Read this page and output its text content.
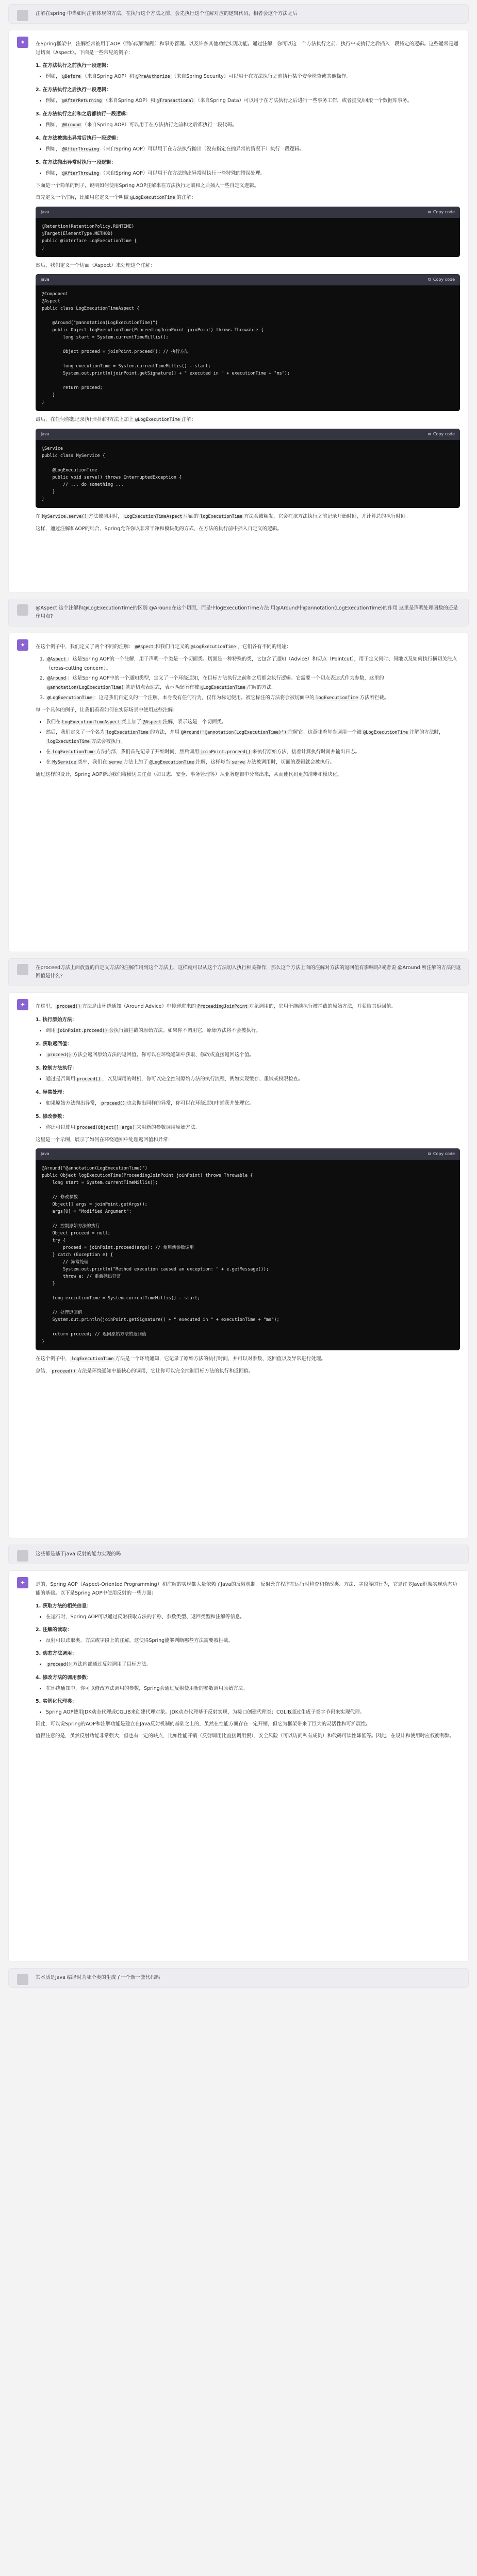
注解在spring 中当如何注解体现的方法、在执行这个方法之前、会先执行这个注解对应的逻辑代码，相者会这个方法之后
✦	在Spring框架中，注解经常被用于AOP（面向切面编程）和事务管理。以及许多其他功能实现功能。通过注解，你可以这一个方法执行之前、执行中或执行之后插入一段特定的逻辑。这些通常是通过切面（Aspect）。下面是一些常见的例子：

1. 在方法执行之前执行一段逻辑：
• 例如， @Before （来自Spring AOP）和 @PreAuthorize （来自Spring Security）可以用于在方法执行之前执行某个安全检查或其他操作。
2. 在方法执行之后执行一段逻辑：
• 例如， @AfterReturning （来自Spring AOP）和 @Transactional （来自Spring Data）可以用于在方法执行之后进行一些事务工作，或者提交/回滚一个数据库事务。
3. 在方法执行之前和之后都执行一段逻辑：
• 例如， @Around （来自Spring AOP）可以用于在方法执行之前和之后都执行一段代码。
4. 在方法被抛出异常后执行一段逻辑：
• 例如， @AfterThrowing （来自Spring AOP）可以用于在方法执行抛出（没有指定在抛异常的情况下）执行一段逻辑。
5. 在方法抛出异常时执行一段逻辑：
• 例如， @AfterThrowing （来自Spring AOP）可以用于在方法抛出异常时执行一些特殊的错误处理。

下面是一个简单的例子，说明如何使用Spring AOP注解来在方法执行之前和之后插入一些自定义逻辑。

首先定义一个注解，比如用它定义一个叫做 @LogExecutionTime 的注解：

java	⧉ Copy code
@Retention(RetentionPolicy.RUNTIME)
@Target(ElementType.METHOD)
public @interface LogExecutionTime {
}

然后，我们定义一个切面（Aspect）来处理这个注解：

java	⧉ Copy code
@Component
@Aspect
public class LogExecutionTimeAspect {

@Around("@annotation(LogExecutionTime)")
public Object logExecutionTime(ProceedingJoinPoint joinPoint) throws Throwable {
long start = System.currentTimeMillis();

Object proceed = joinPoint.proceed(); // 执行方法

long executionTime = System.currentTimeMillis() - start;
System.out.println(joinPoint.getSignature() + " executed in " + executionTime + "ms");

return proceed;
}
}

最后，在任何你想记录执行时间的方法上加上 @LogExecutionTime 注解：

java	⧉ Copy code
@Service
public class MyService {

@LogExecutionTime
public void serve() throws InterruptedException {
// ... do something ...
}
}

在 MyService.serve() 方法被调用时， LogExecutionTimeAspect 切面的 logExecutionTime 方法会被触发，它会在该方法执行之前记录开始时间，并计算总的执行时间。

这样，通过注解和AOP的结合，Spring允许你以非常干净和模块化的方式，在方法的执行前中插入自定义的逻辑。

@Aspect 这个注解和@LogExecutionTime的区别 @Around在这个切面，而是中logExecutionTime方法 用@Around中@annotation(LogExecutionTime)的作用 这里是声明处理函数的还是作用点?
✦	在这个例子中，我们定义了两个不同的注解： @Aspect 和我们自定义的 @LogExecutionTime ，它们各有不同的用途：

1. @Aspect ：这是Spring AOP的一个注解，用于声明一个类是一个切面类。切面是一种特殊的类，它包含了通知（Advice）和切点（Pointcut），用于定义何时、何地以及如何执行横切关注点（cross-cutting concern）。
2. @Around ：这是Spring AOP中的一个通知类型，定义了一个环绕通知，在目标方法执行之前和之后都会执行逻辑。它需要一个切点表达式作为参数，这里的@annotation(LogExecutionTime) 就是切点表达式，表示匹配所有被 @LogExecutionTime 注解的方法。
3. @LogExecutionTime ：这是我们自定义的一个注解，本身没有任何行为，仅作为标记使用。被它标注的方法将会被切面中的 logExecutionTime 方法所拦截。

每一个具体的例子，让我们看看如何在实际场景中使用这些注解：

• 我们在 LogExecutionTimeAspect 类上加了 @Aspect 注解，表示这是一个切面类。
• 然后，我们定义了一个名为 logExecutionTime 的方法，并用 @Around("@annotation(LogExecutionTime)") 注解它。这意味着每当调用一个被 @LogExecutionTime 注解的方法时，logExecutionTime 方法会被执行。
• 在 logExecutionTime 方法内部，我们首先记录了开始时间，然后调用 joinPoint.proceed() 来执行原始方法，接着计算执行时间并输出日志。
• 在 MyService 类中，我们在 serve 方法上加了 @LogExecutionTime 注解，这样每当 serve 方法被调用时，切面的逻辑就会被执行。

通过这样的设计，Spring AOP帮助我们将横切关注点（如日志、安全、事务管理等）从业务逻辑中分离出来，从而使代码更加清晰和模块化。

在proceed方法上面放置的自定义方法的注解作用到这个方法上，这样就可以从这个方法切入执行相关操作，那么这个方法上面的注解对方法的返回值有影响吗?或者说 @Around 所注解的方法的返回值是什么?
✦	在这里， proceed() 方法是由环绕通知（Around Advice）中传递进来的 ProceedingJoinPoint 对象调用的，它用于继续执行被拦截的原始方法，并获取其返回值。

1. 执行原始方法：
• 调用 joinPoint.proceed() 会执行被拦截的原始方法。如果你不调用它，原始方法将不会被执行。
2. 获取返回值：
• proceed() 方法会返回原始方法的返回值。你可以在环绕通知中获取、修改或直接返回这个值。
3. 控制方法执行：
• 通过是否调用 proceed() ，以及调用的时机，你可以完全控制原始方法的执行流程，例如实现缓存、重试或权限检查。
4. 异常处理：
• 如果原始方法抛出异常， proceed() 也会抛出同样的异常，你可以在环绕通知中捕获并处理它。
5. 修改参数：
• 你还可以使用 proceed(Object[] args) 来用新的参数调用原始方法。

这里是一个示例，展示了如何在环绕通知中处理返回值和异常：

java	⧉ Copy code
@Around("@annotation(LogExecutionTime)")
public Object logExecutionTime(ProceedingJoinPoint joinPoint) throws Throwable {
long start = System.currentTimeMillis();

// 修改参数
Object[] args = joinPoint.getArgs();
args[0] = "Modified Argument";

// 控制原始方法的执行
Object proceed = null;
try {
proceed = joinPoint.proceed(args); // 使用新参数调用
} catch (Exception e) {
// 异常处理
System.out.println("Method execution caused an exception: " + e.getMessage());
throw e; // 重新抛出异常
}

long executionTime = System.currentTimeMillis() - start;

// 处理返回值
System.out.println(joinPoint.getSignature() + " executed in " + executionTime + "ms");

return proceed; // 返回原始方法的返回值
}

在这个例子中， logExecutionTime 方法是一个环绕通知，它记录了原始方法的执行时间，并可以对参数、返回值以及异常进行处理。

总结， proceed() 方法是环绕通知中最核心的调用，它让你可以完全控制目标方法的执行和返回值。

这些都是基于java 反射的能力实现的吗
✦	是的，Spring AOP（Aspect-Oriented Programming）和注解的实现都大量依赖了Java的反射机制。反射允许程序在运行时检查和修改类、方法、字段等的行为，它是许多Java框架实现动态功能的基础。以下是Spring AOP中使用反射的一些方面：

1. 获取方法的相关信息：
• 在运行时，Spring AOP可以通过反射获取方法的名称、参数类型、返回类型和注解等信息。
2. 注解的读取：
• 反射可以读取类、方法或字段上的注解，这使得Spring能够判断哪些方法需要被拦截。
3. 动态方法调用：
• proceed() 方法内部通过反射调用了目标方法。
4. 修改方法的调用参数：
• 在环绕通知中，你可以修改方法调用的参数，Spring会通过反射使用新的参数调用原始方法。
5. 实例化代理类：
• Spring AOP使用JDK动态代理或CGLIB来创建代理对象。JDK动态代理基于反射实现，为接口创建代理类；CGLIB通过生成子类字节码来实现代理。

因此，可以说Spring的AOP和注解功能是建立在Java反射机制的基础之上的，虽然在性能方面存在一定开销，但它为框架带来了巨大的灵活性和可扩展性。

值得注意的是，虽然反射功能非常强大，但也有一定的缺点，比如性能开销（反射调用比直接调用慢）、安全风险（可以访问私有成员）和代码可读性降低等。因此，在设计和使用时应权衡利弊。

其本质是java 编译时为哪个类的生成了一个新一套代码吗
